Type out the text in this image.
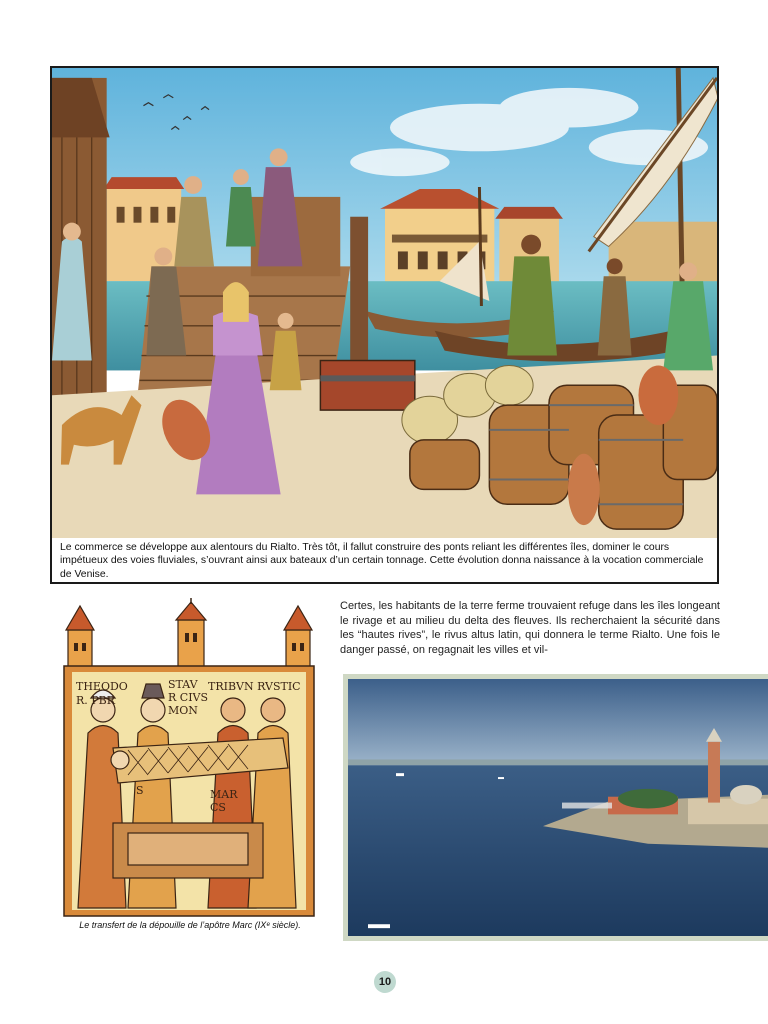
Le commerce se développe aux alentours du Rialto. Très tôt, il fallut construire des ponts reliant les différentes îles, dominer le cours impétueux des voies fluviales, s’ouvrant ainsi aux bateaux d’un certain tonnage. Cette évolution donna naissance à la vocation commerciale de Venise.
THEODO
R. PBR
STAV
R CIVS
MON
TRIBVN RVSTIC
S	MAR
CS
Le transfert de la dépouille de l’apôtre Marc (IXᵉ siècle).

Certes, les habitants de la terre ferme trouvaient refuge dans les îles longeant le rivage et au milieu du delta des fleuves. Ils recherchaient la sécurité dans les “hautes rives”, le rivus altus latin, qui donnera le terme Rialto. Une fois le danger passé, on regagnait les villes et vil-

10
